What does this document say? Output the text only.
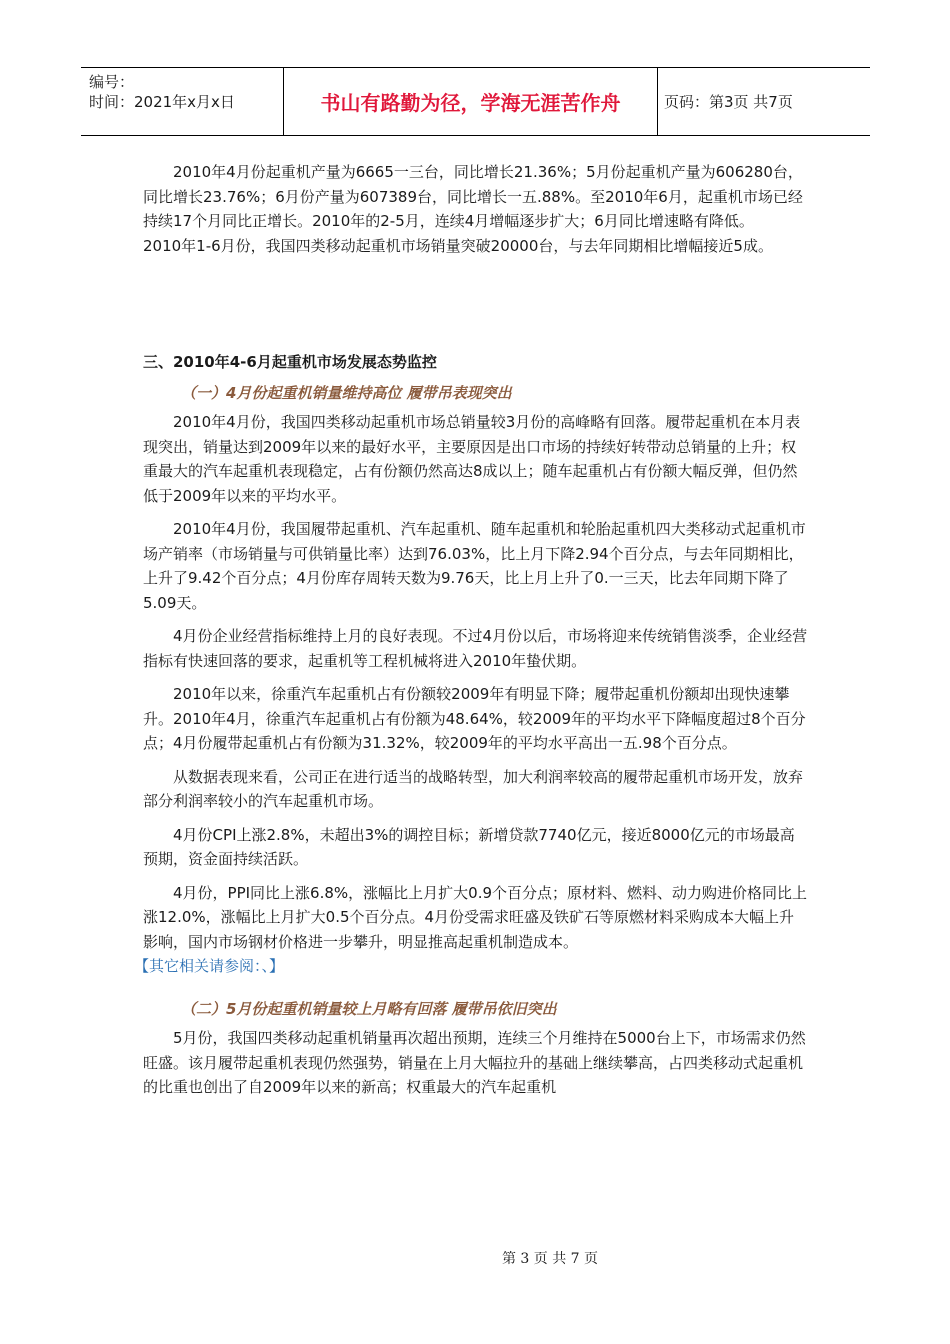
编号：
时间：2021年x月x日	书山有路勤为径，学海无涯苦作舟	页码：第3页 共7页

2010年4月份起重机产量为6665一三台，同比增长21.36%；5月份起重机产量为606280台，同比增长23.76%；6月份产量为607389台，同比增长一五.88%。至2010年6月，起重机市场已经持续17个月同比正增长。2010年的2-5月，连续4月增幅逐步扩大；6月同比增速略有降低。

2010年1-6月份，我国四类移动起重机市场销量突破20000台，与去年同期相比增幅接近5成。

三、2010年4-6月起重机市场发展态势监控

（一）4月份起重机销量维持高位 履带吊表现突出

2010年4月份，我国四类移动起重机市场总销量较3月份的高峰略有回落。履带起重机在本月表现突出，销量达到2009年以来的最好水平，主要原因是出口市场的持续好转带动总销量的上升；权重最大的汽车起重机表现稳定，占有份额仍然高达8成以上；随车起重机占有份额大幅反弹，但仍然低于2009年以来的平均水平。

2010年4月份，我国履带起重机、汽车起重机、随车起重机和轮胎起重机四大类移动式起重机市场产销率（市场销量与可供销量比率）达到76.03%，比上月下降2.94个百分点，与去年同期相比，上升了9.42个百分点；4月份库存周转天数为9.76天，比上月上升了0.一三天，比去年同期下降了5.09天。

4月份企业经营指标维持上月的良好表现。不过4月份以后，市场将迎来传统销售淡季，企业经营指标有快速回落的要求，起重机等工程机械将进入2010年蛰伏期。

2010年以来，徐重汽车起重机占有份额较2009年有明显下降；履带起重机份额却出现快速攀升。2010年4月，徐重汽车起重机占有份额为48.64%，较2009年的平均水平下降幅度超过8个百分点；4月份履带起重机占有份额为31.32%，较2009年的平均水平高出一五.98个百分点。

从数据表现来看，公司正在进行适当的战略转型，加大利润率较高的履带起重机市场开发，放弃部分利润率较小的汽车起重机市场。

4月份CPI上涨2.8%，未超出3%的调控目标；新增贷款7740亿元，接近8000亿元的市场最高预期，资金面持续活跃。

4月份，PPI同比上涨6.8%，涨幅比上月扩大0.9个百分点；原材料、燃料、动力购进价格同比上涨12.0%，涨幅比上月扩大0.5个百分点。4月份受需求旺盛及铁矿石等原燃材料采购成本大幅上升影响，国内市场钢材价格进一步攀升，明显推高起重机制造成本。

【其它相关请参阅：、】

（二）5月份起重机销量较上月略有回落 履带吊依旧突出

5月份，我国四类移动起重机销量再次超出预期，连续三个月维持在5000台上下，市场需求仍然旺盛。该月履带起重机表现仍然强势，销量在上月大幅拉升的基础上继续攀高，占四类移动式起重机的比重也创出了自2009年以来的新高；权重最大的汽车起重机

第 3 页 共 7 页
